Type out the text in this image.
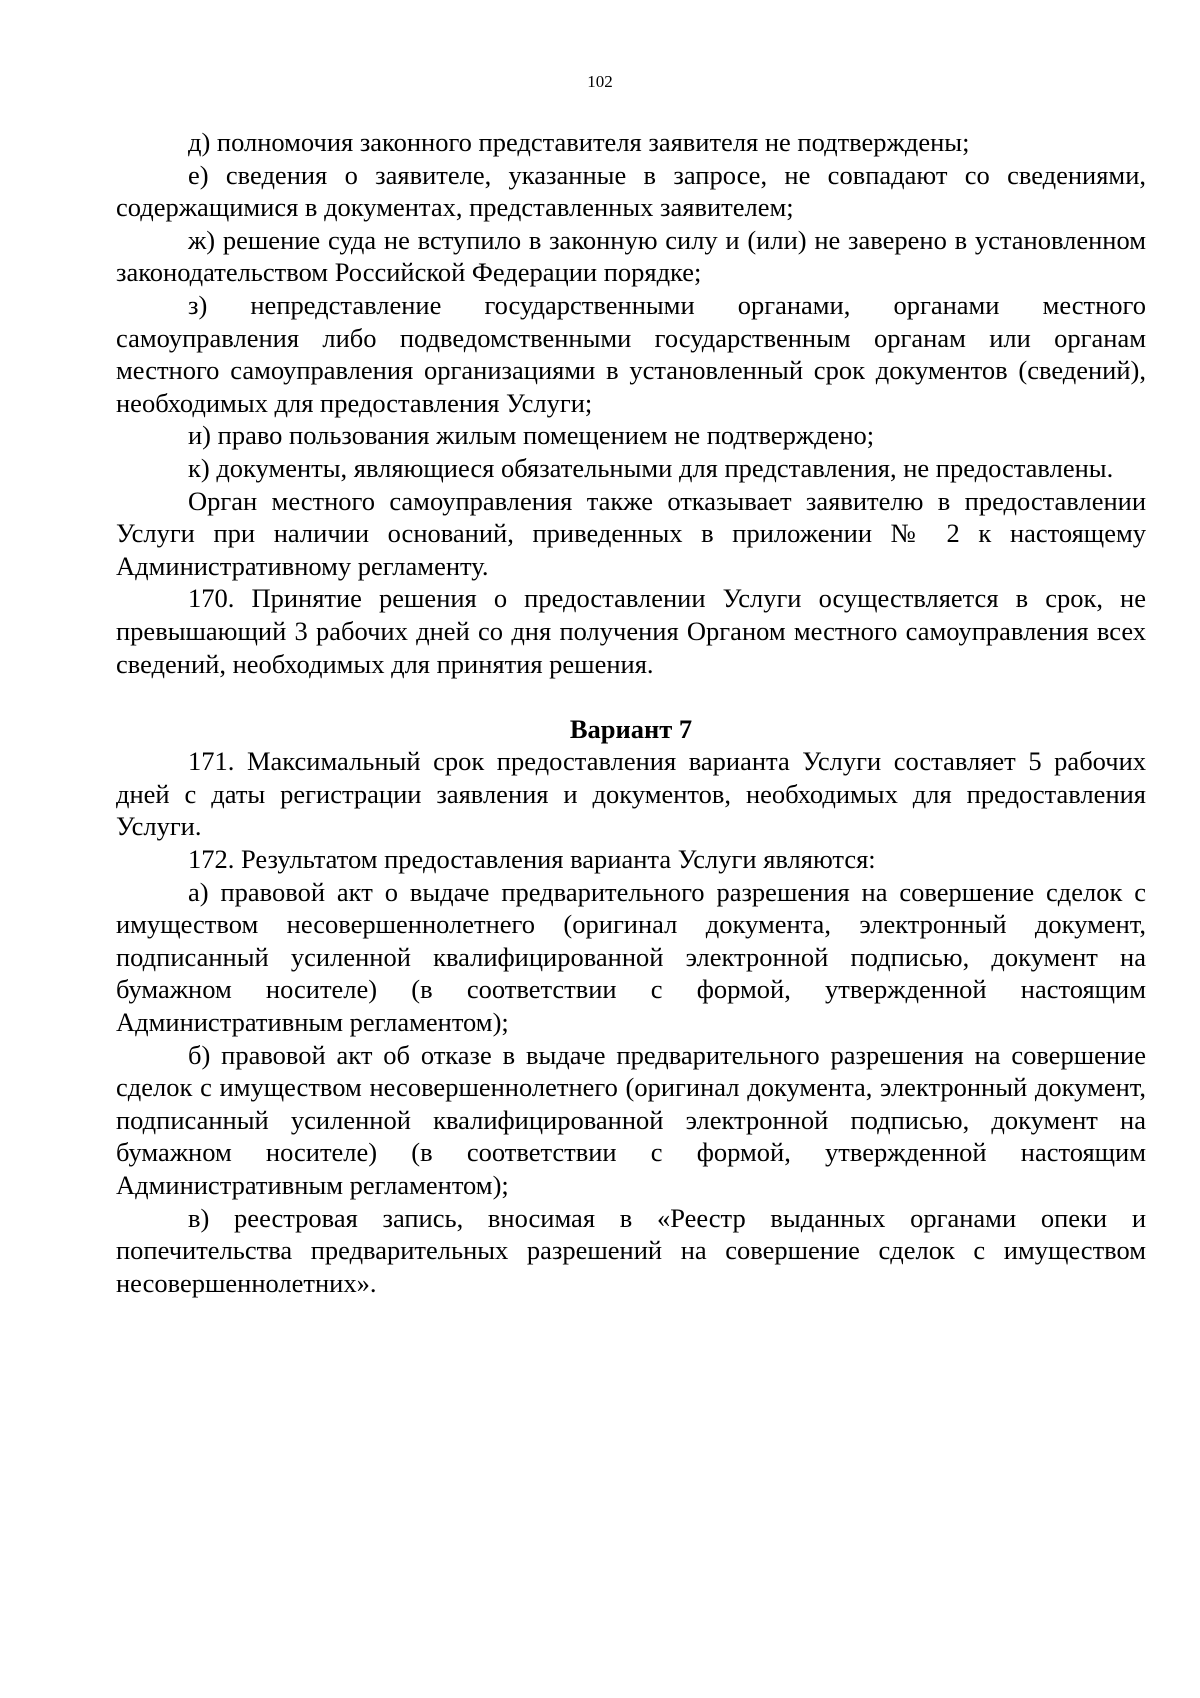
102

д) полномочия законного представителя заявителя не подтверждены;

е) сведения о заявителе, указанные в запросе, не совпадают со сведениями, содержащимися в документах, представленных заявителем;

ж) решение суда не вступило в законную силу и (или) не заверено в установленном законодательством Российской Федерации порядке;

з) непредставление государственными органами, органами местного самоуправления либо подведомственными государственным органам или органам местного самоуправления организациями в установленный срок документов (сведений), необходимых для предоставления Услуги;

и) право пользования жилым помещением не подтверждено;

к) документы, являющиеся обязательными для представления, не предоставлены.

Орган местного самоуправления также отказывает заявителю в предоставлении Услуги при наличии оснований, приведенных в приложении № 2 к настоящему Административному регламенту.

170. Принятие решения о предоставлении Услуги осуществляется в срок, не превышающий 3 рабочих дней со дня получения Органом местного самоуправления всех сведений, необходимых для принятия решения.

Вариант 7

171. Максимальный срок предоставления варианта Услуги составляет 5 рабочих дней с даты регистрации заявления и документов, необходимых для предоставления Услуги.

172. Результатом предоставления варианта Услуги являются:

а) правовой акт о выдаче предварительного разрешения на совершение сделок с имуществом несовершеннолетнего (оригинал документа, электронный документ, подписанный усиленной квалифицированной электронной подписью, документ на бумажном носителе) (в соответствии с формой, утвержденной настоящим Административным регламентом);

б) правовой акт об отказе в выдаче предварительного разрешения на совершение сделок с имуществом несовершеннолетнего (оригинал документа, электронный документ, подписанный усиленной квалифицированной электронной подписью, документ на бумажном носителе) (в соответствии с формой, утвержденной настоящим Административным регламентом);

в) реестровая запись, вносимая в «Реестр выданных органами опеки и попечительства предварительных разрешений на совершение сделок с имуществом несовершеннолетних».
